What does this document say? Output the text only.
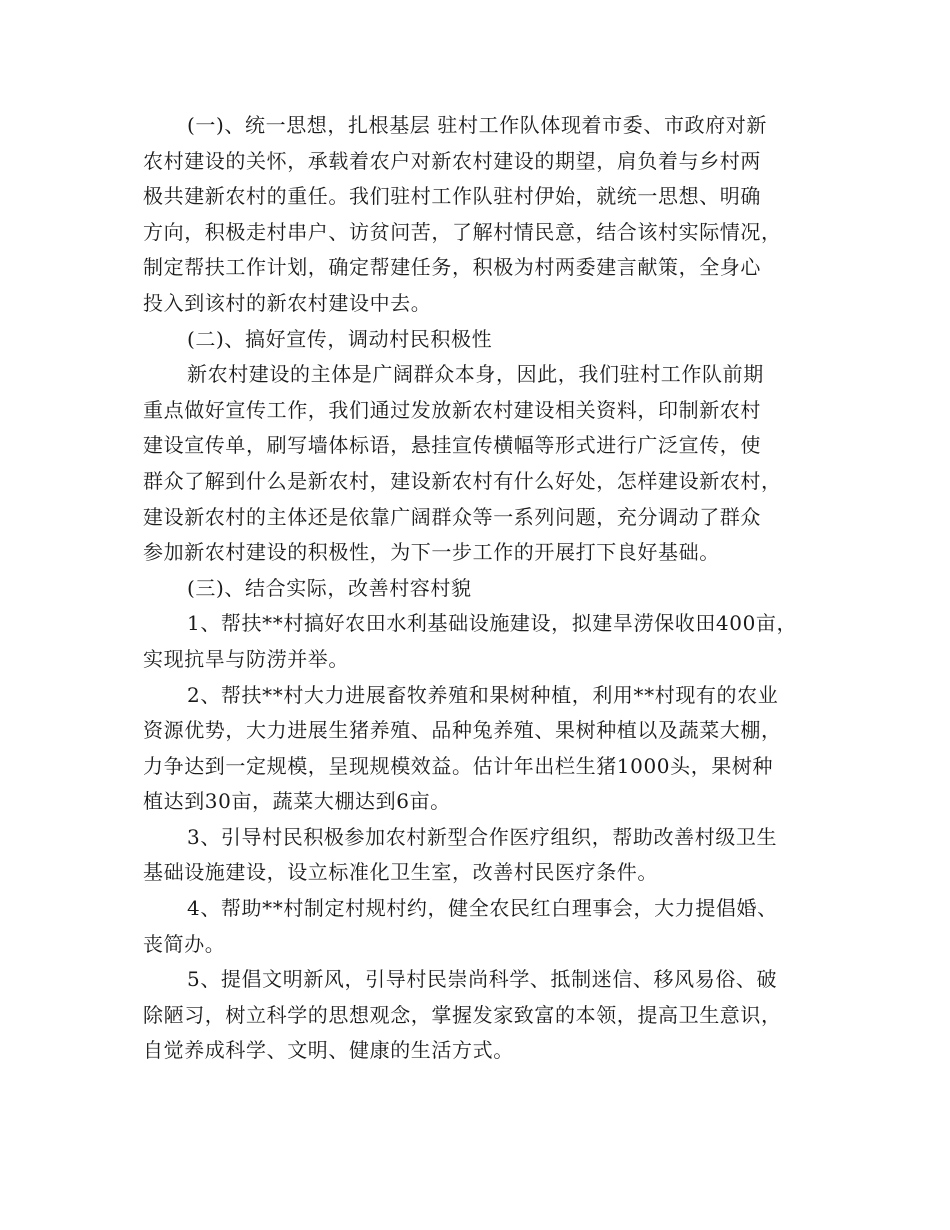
(一)、统一思想，扎根基层 驻村工作队体现着市委、市政府对新
农村建设的关怀，承载着农户对新农村建设的期望，肩负着与乡村两
极共建新农村的重任。我们驻村工作队驻村伊始，就统一思想、明确
方向，积极走村串户、访贫问苦，了解村情民意，结合该村实际情况，
制定帮扶工作计划，确定帮建任务，积极为村两委建言献策，全身心
投入到该村的新农村建设中去。
(二)、搞好宣传，调动村民积极性
新农村建设的主体是广阔群众本身，因此，我们驻村工作队前期
重点做好宣传工作，我们通过发放新农村建设相关资料，印制新农村
建设宣传单，刷写墙体标语，悬挂宣传横幅等形式进行广泛宣传，使
群众了解到什么是新农村，建设新农村有什么好处，怎样建设新农村，
建设新农村的主体还是依靠广阔群众等一系列问题，充分调动了群众
参加新农村建设的积极性，为下一步工作的开展打下良好基础。
(三)、结合实际，改善村容村貌
1、帮扶**村搞好农田水利基础设施建设，拟建旱涝保收田400亩，
实现抗旱与防涝并举。
2、帮扶**村大力进展畜牧养殖和果树种植，利用**村现有的农业
资源优势，大力进展生猪养殖、品种兔养殖、果树种植以及蔬菜大棚，
力争达到一定规模，呈现规模效益。估计年出栏生猪1000头，果树种
植达到30亩，蔬菜大棚达到6亩。
3、引导村民积极参加农村新型合作医疗组织，帮助改善村级卫生
基础设施建设，设立标准化卫生室，改善村民医疗条件。
4、帮助**村制定村规村约，健全农民红白理事会，大力提倡婚、
丧简办。
5、提倡文明新风，引导村民崇尚科学、抵制迷信、移风易俗、破
除陋习，树立科学的思想观念，掌握发家致富的本领，提高卫生意识，
自觉养成科学、文明、健康的生活方式。
